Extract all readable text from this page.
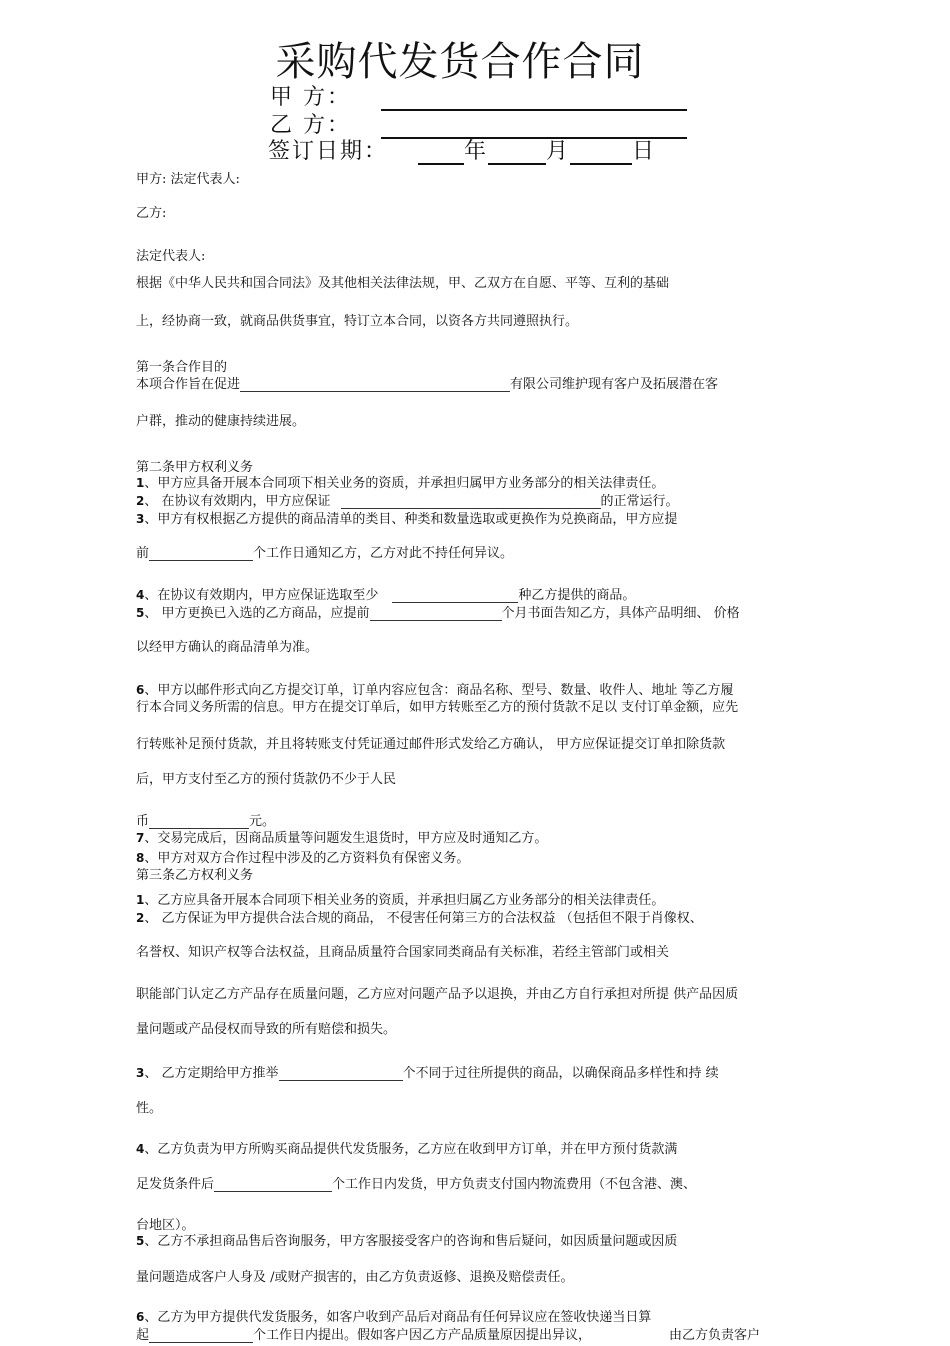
采购代发货合作合同
甲 方：
乙 方：
签订日期：	年	月	日
甲方: 法定代表人:
乙方:
法定代表人:
根据《中华人民共和国合同法》及其他相关法律法规，甲、乙双方在自愿、平等、互利的基础
上，经协商一致，就商品供货事宜，特订立本合同，以资各方共同遵照执行。
第一条合作目的
本项合作旨在促进	有限公司维护现有客户及拓展潜在客
户群，推动的健康持续进展。
第二条甲方权利义务
1、甲方应具备开展本合同项下相关业务的资质，并承担归属甲方业务部分的相关法律责任。
2、 在协议有效期内，甲方应保证	的正常运行。
3、甲方有权根据乙方提供的商品清单的类目、种类和数量选取或更换作为兑换商品，甲方应提
前	个工作日通知乙方，乙方对此不持任何异议。
4、在协议有效期内，甲方应保证选取至少	种乙方提供的商品。
5、 甲方更换已入选的乙方商品，应提前	个月书面告知乙方，具体产品明细、 价格
以经甲方确认的商品清单为准。
6、甲方以邮件形式向乙方提交订单，订单内容应包含：商品名称、型号、数量、收件人、地址 等乙方履
行本合同义务所需的信息。甲方在提交订单后，如甲方转账至乙方的预付货款不足以 支付订单金额，应先
行转账补足预付货款，并且将转账支付凭证通过邮件形式发给乙方确认， 甲方应保证提交订单扣除货款
后，甲方支付至乙方的预付货款仍不少于人民
币	元。
7、交易完成后，因商品质量等问题发生退货时，甲方应及时通知乙方。
8、甲方对双方合作过程中涉及的乙方资料负有保密义务。
第三条乙方权利义务
1、乙方应具备开展本合同项下相关业务的资质，并承担归属乙方业务部分的相关法律责任。
2、 乙方保证为甲方提供合法合规的商品， 不侵害任何第三方的合法权益 （包括但不限于肖像权、
名誉权、知识产权等合法权益，且商品质量符合国家同类商品有关标准，若经主管部门或相关
职能部门认定乙方产品存在质量问题，乙方应对问题产品予以退换，并由乙方自行承担对所提 供产品因质
量问题或产品侵权而导致的所有赔偿和损失。
3、 乙方定期给甲方推举	个不同于过往所提供的商品，以确保商品多样性和持 续
性。
4、乙方负责为甲方所购买商品提供代发货服务，乙方应在收到甲方订单，并在甲方预付货款满
足发货条件后	个工作日内发货，甲方负责支付国内物流费用（不包含港、澳、
台地区）。
5、乙方不承担商品售后咨询服务，甲方客服接受客户的咨询和售后疑问，如因质量问题或因质
量问题造成客户人身及 /或财产损害的，由乙方负责返修、退换及赔偿责任。
6、乙方为甲方提供代发货服务，如客户收到产品后对商品有任何异议应在签收快递当日算
起	个工作日内提出。假如客户因乙方产品质量原因提出异议，	由乙方负责客户
